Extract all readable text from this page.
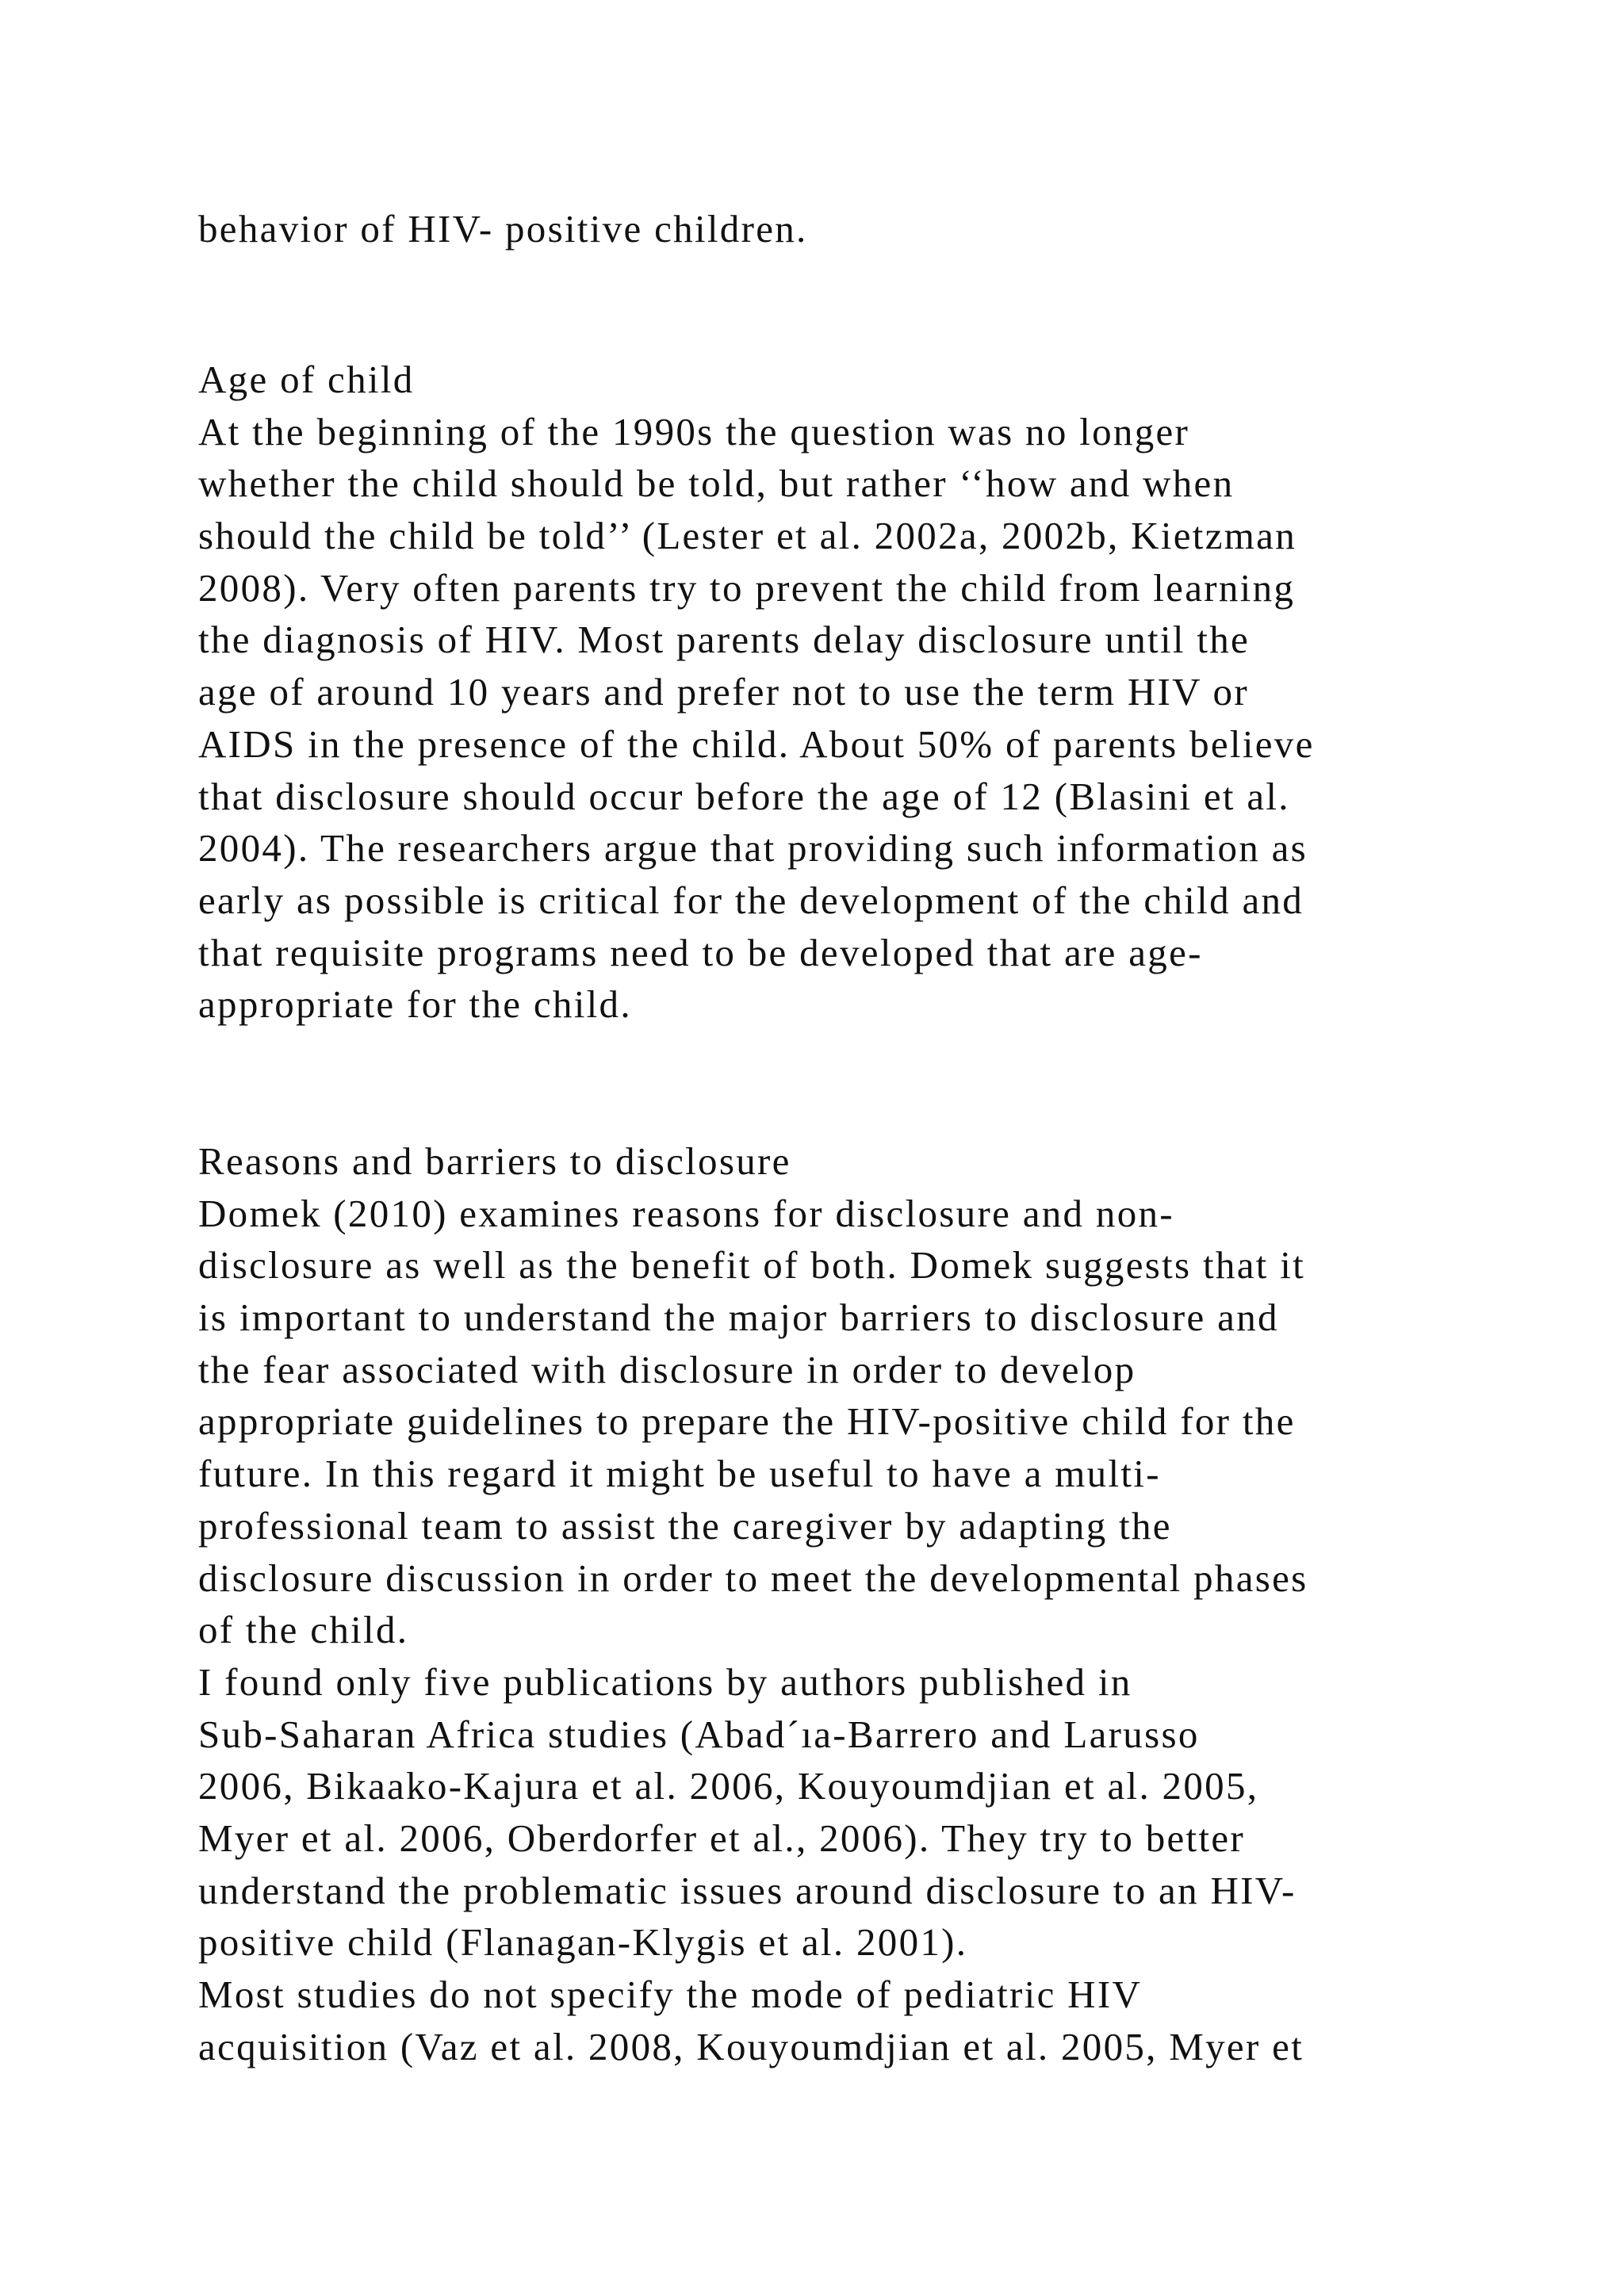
behavior of HIV- positive children.
Age of child
At the beginning of the 1990s the question was no longer
whether the child should be told, but rather ‘‘how and when
should the child be told’’ (Lester et al. 2002a, 2002b, Kietzman
2008). Very often parents try to prevent the child from learning
the diagnosis of HIV. Most parents delay disclosure until the
age of around 10 years and prefer not to use the term HIV or
AIDS in the presence of the child. About 50% of parents believe
that disclosure should occur before the age of 12 (Blasini et al.
2004). The researchers argue that providing such information as
early as possible is critical for the development of the child and
that requisite programs need to be developed that are age-
appropriate for the child.
Reasons and barriers to disclosure
Domek (2010) examines reasons for disclosure and non-
disclosure as well as the benefit of both. Domek suggests that it
is important to understand the major barriers to disclosure and
the fear associated with disclosure in order to develop
appropriate guidelines to prepare the HIV-positive child for the
future. In this regard it might be useful to have a multi-
professional team to assist the caregiver by adapting the
disclosure discussion in order to meet the developmental phases
of the child.
I found only five publications by authors published in
Sub-Saharan Africa studies (Abad´ıa-Barrero and Larusso
2006, Bikaako-Kajura et al. 2006, Kouyoumdjian et al. 2005,
Myer et al. 2006, Oberdorfer et al., 2006). They try to better
understand the problematic issues around disclosure to an HIV-
positive child (Flanagan-Klygis et al. 2001).
Most studies do not specify the mode of pediatric HIV
acquisition (Vaz et al. 2008, Kouyoumdjian et al. 2005, Myer et
